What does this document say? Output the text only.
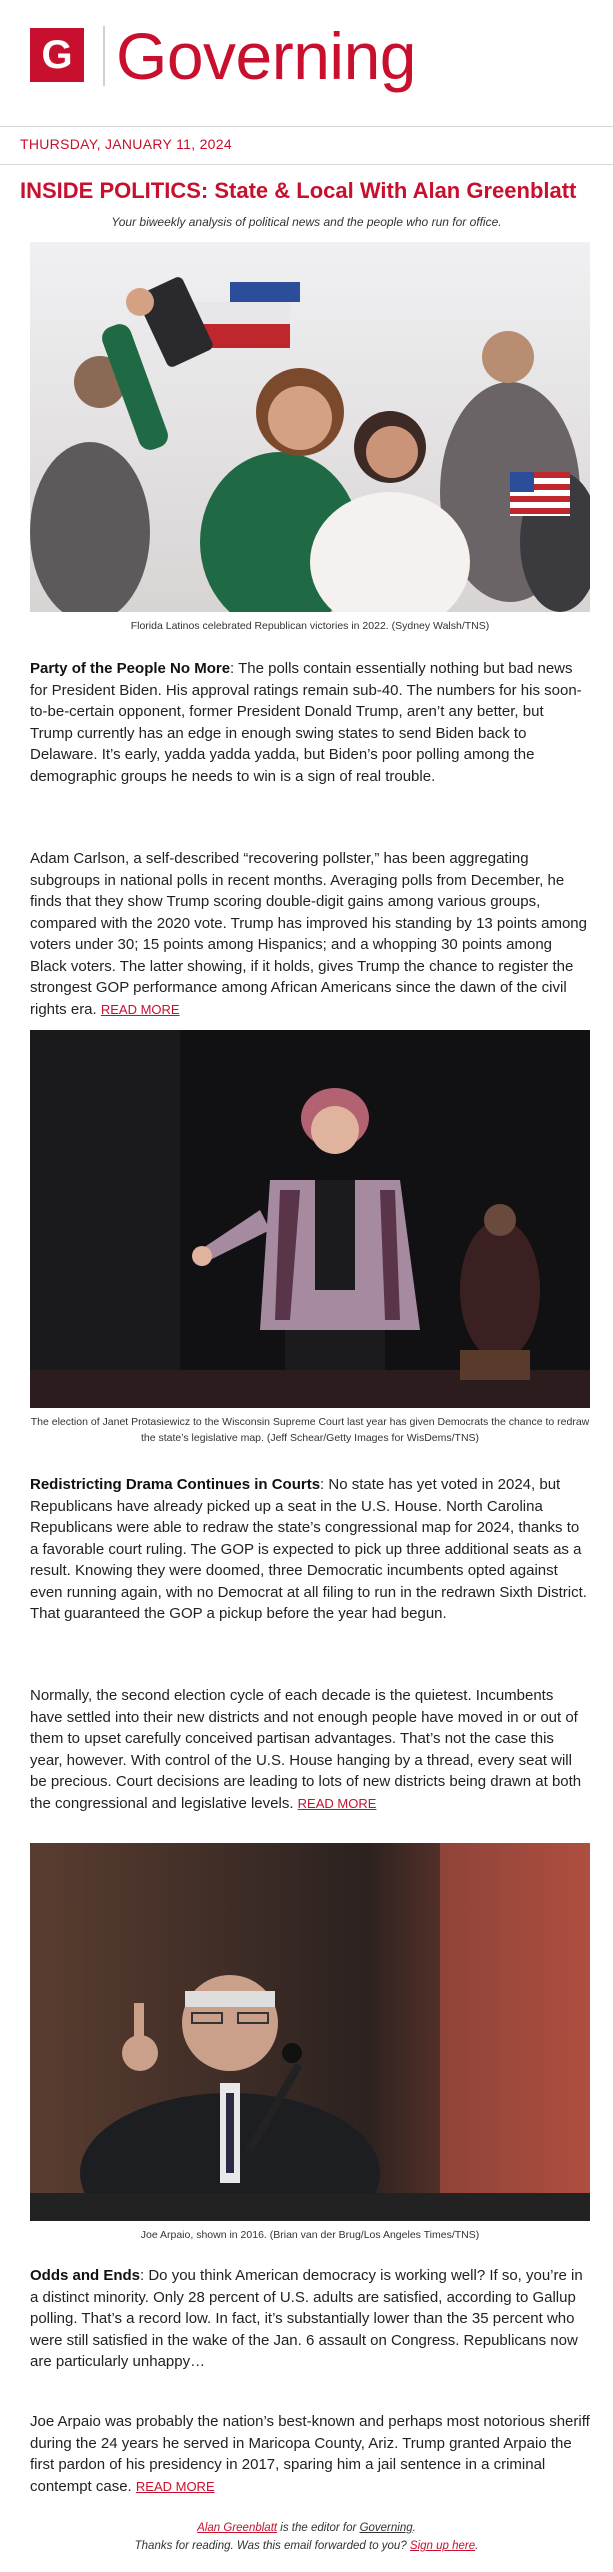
G Governing
THURSDAY, JANUARY 11, 2024
INSIDE POLITICS: State & Local With Alan Greenblatt
Your biweekly analysis of political news and the people who run for office.
Florida Latinos celebrated Republican victories in 2022. (Sydney Walsh/TNS)
Party of the People No More: The polls contain essentially nothing but bad news for President Biden. His approval ratings remain sub-40. The numbers for his soon-to-be-certain opponent, former President Donald Trump, aren’t any better, but Trump currently has an edge in enough swing states to send Biden back to Delaware. It’s early, yadda yadda yadda, but Biden’s poor polling among the demographic groups he needs to win is a sign of real trouble.
Adam Carlson, a self-described “recovering pollster,” has been aggregating subgroups in national polls in recent months. Averaging polls from December, he finds that they show Trump scoring double-digit gains among various groups, compared with the 2020 vote. Trump has improved his standing by 13 points among voters under 30; 15 points among Hispanics; and a whopping 30 points among Black voters. The latter showing, if it holds, gives Trump the chance to register the strongest GOP performance among African Americans since the dawn of the civil rights era. READ MORE
The election of Janet Protasiewicz to the Wisconsin Supreme Court last year has given Democrats the chance to redraw the state’s legislative map. (Jeff Schear/Getty Images for WisDems/TNS)
Redistricting Drama Continues in Courts: No state has yet voted in 2024, but Republicans have already picked up a seat in the U.S. House. North Carolina Republicans were able to redraw the state’s congressional map for 2024, thanks to a favorable court ruling. The GOP is expected to pick up three additional seats as a result. Knowing they were doomed, three Democratic incumbents opted against even running again, with no Democrat at all filing to run in the redrawn Sixth District. That guaranteed the GOP a pickup before the year had begun.
Normally, the second election cycle of each decade is the quietest. Incumbents have settled into their new districts and not enough people have moved in or out of them to upset carefully conceived partisan advantages. That’s not the case this year, however. With control of the U.S. House hanging by a thread, every seat will be precious. Court decisions are leading to lots of new districts being drawn at both the congressional and legislative levels. READ MORE
Joe Arpaio, shown in 2016. (Brian van der Brug/Los Angeles Times/TNS)
Odds and Ends: Do you think American democracy is working well? If so, you’re in a distinct minority. Only 28 percent of U.S. adults are satisfied, according to Gallup polling. That’s a record low. In fact, it’s substantially lower than the 35 percent who were still satisfied in the wake of the Jan. 6 assault on Congress. Republicans now are particularly unhappy…
Joe Arpaio was probably the nation’s best-known and perhaps most notorious sheriff during the 24 years he served in Maricopa County, Ariz. Trump granted Arpaio the first pardon of his presidency in 2017, sparing him a jail sentence in a criminal contempt case. READ MORE
Alan Greenblatt is the editor for Governing.
Thanks for reading. Was this email forwarded to you? Sign up here.
